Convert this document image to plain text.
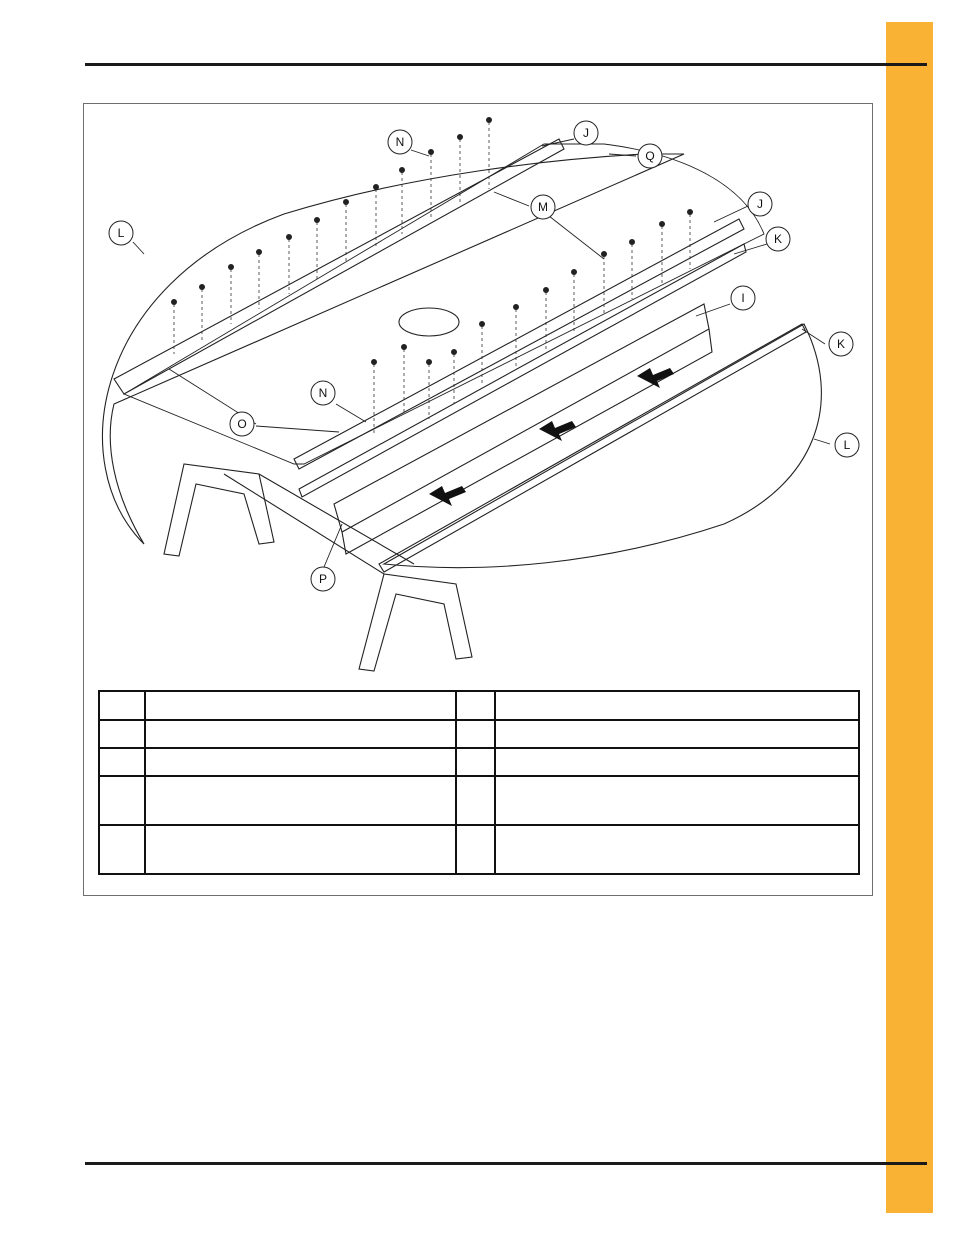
N
J
Q
M	J
K
L
I
K
O
N
L
P
